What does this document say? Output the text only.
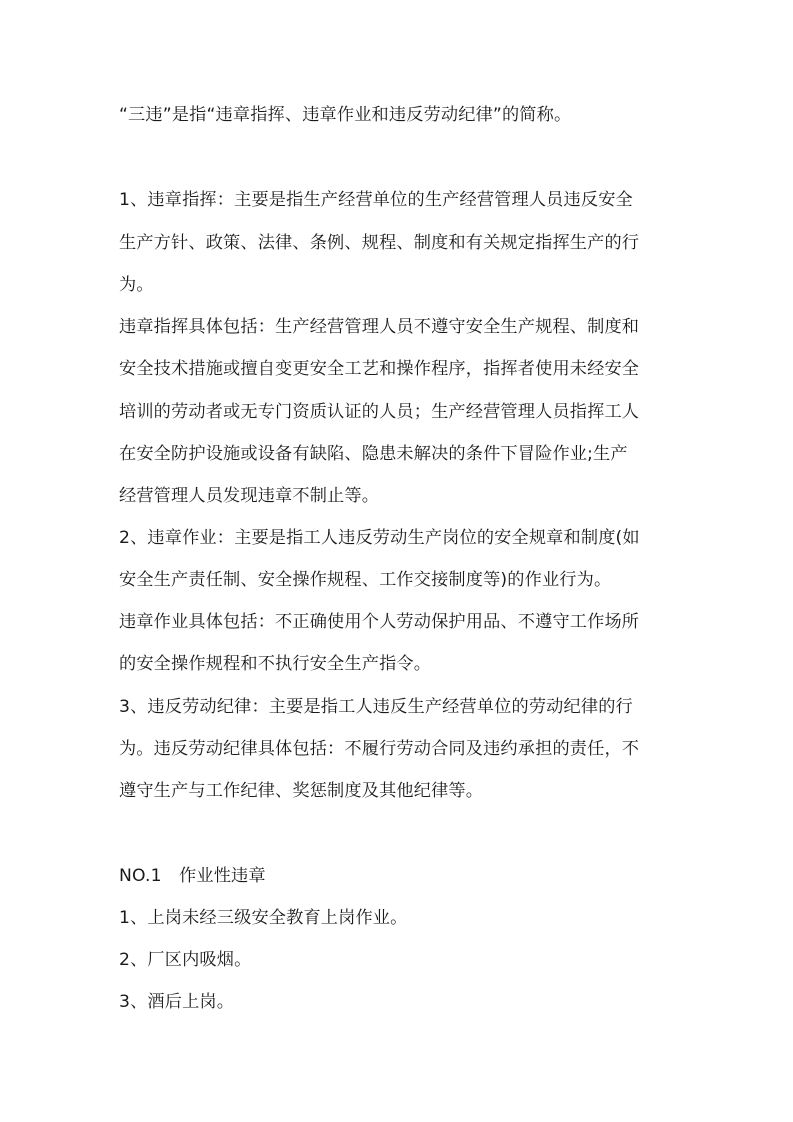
“三违”是指“违章指挥、违章作业和违反劳动纪律”的简称。
1、违章指挥：主要是指生产经营单位的生产经营管理人员违反安全
生产方针、政策、法律、条例、规程、制度和有关规定指挥生产的行
为。
违章指挥具体包括：生产经营管理人员不遵守安全生产规程、制度和
安全技术措施或擅自变更安全工艺和操作程序，指挥者使用未经安全
培训的劳动者或无专门资质认证的人员；生产经营管理人员指挥工人
在安全防护设施或设备有缺陷、隐患未解决的条件下冒险作业;生产
经营管理人员发现违章不制止等。
2、违章作业：主要是指工人违反劳动生产岗位的安全规章和制度(如
安全生产责任制、安全操作规程、工作交接制度等)的作业行为。
违章作业具体包括：不正确使用个人劳动保护用品、不遵守工作场所
的安全操作规程和不执行安全生产指令。
3、违反劳动纪律：主要是指工人违反生产经营单位的劳动纪律的行
为。违反劳动纪律具体包括：不履行劳动合同及违约承担的责任，不
遵守生产与工作纪律、奖惩制度及其他纪律等。
NO.1　作业性违章
1、上岗未经三级安全教育上岗作业。
2、厂区内吸烟。
3、酒后上岗。
